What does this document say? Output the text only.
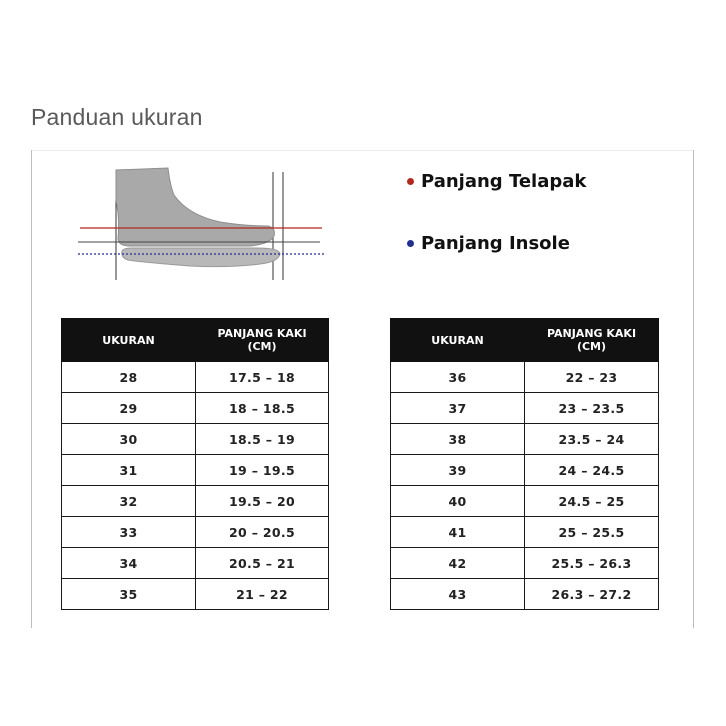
Panduan ukuran
Panjang Telapak
Panjang Insole
UKURAN	PANJANG KAKI
(CM)
28	17.5 – 18
29	18 – 18.5
30	18.5 – 19
31	19 – 19.5
32	19.5 – 20
33	20 – 20.5
34	20.5 – 21
35	21 – 22
UKURAN	PANJANG KAKI
(CM)
36	22 – 23
37	23 – 23.5
38	23.5 – 24
39	24 – 24.5
40	24.5 – 25
41	25 – 25.5
42	25.5 – 26.3
43	26.3 – 27.2
